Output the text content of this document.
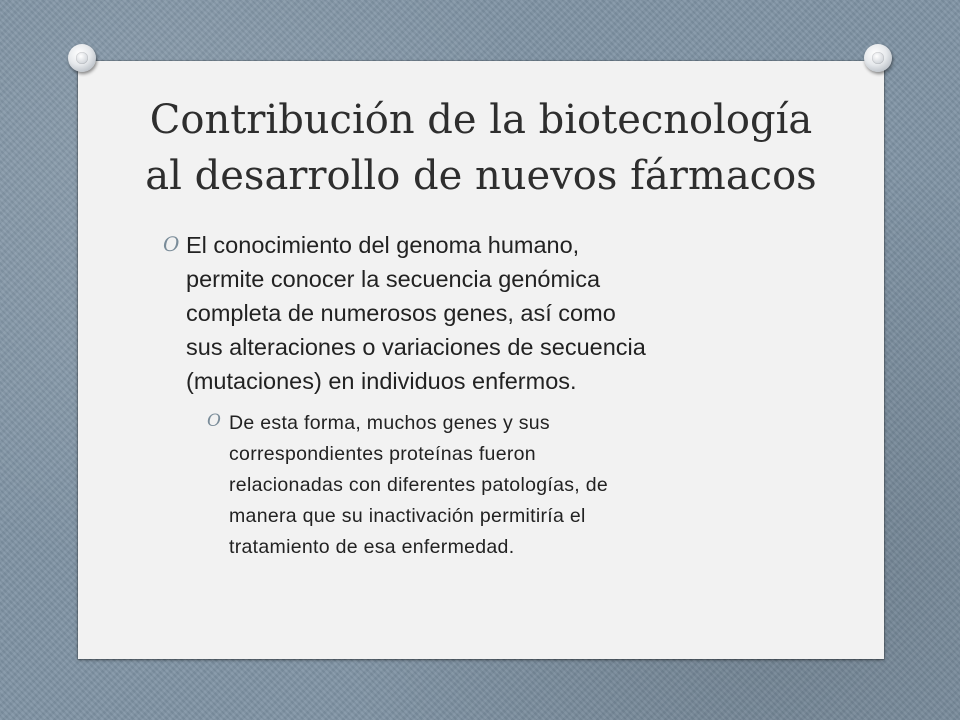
Contribución de la biotecnología
al desarrollo de nuevos fármacos
O El conocimiento del genoma humano,
permite conocer la secuencia genómica
completa de numerosos genes, así como
sus alteraciones o variaciones de secuencia
(mutaciones) en individuos enfermos.

O De esta forma, muchos genes y sus
correspondientes proteínas fueron
relacionadas con diferentes patologías, de
manera que su inactivación permitiría el
tratamiento de esa enfermedad.
